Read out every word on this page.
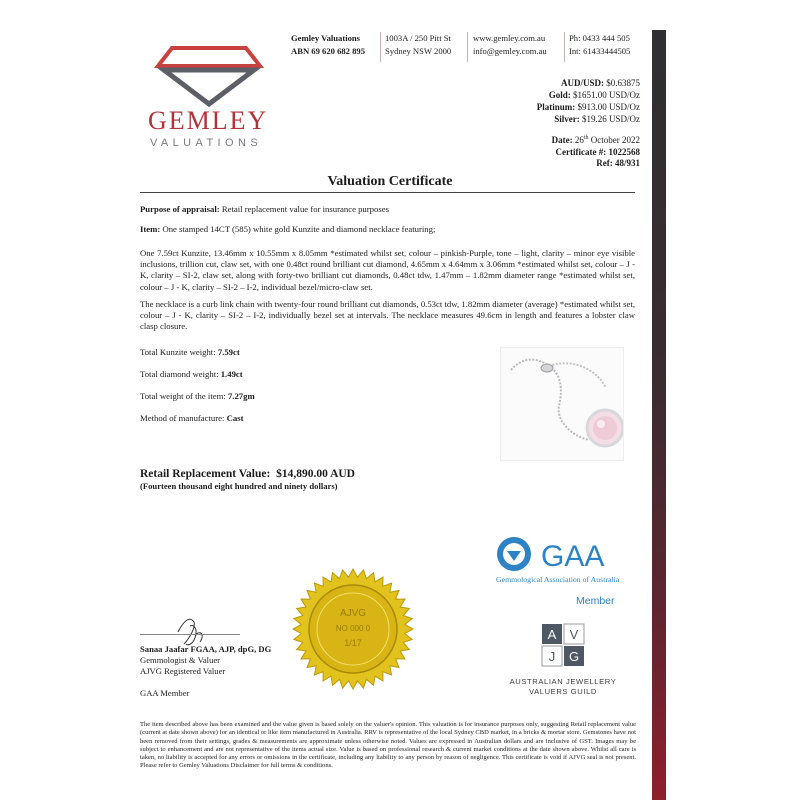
GEMLEY
VALUATIONS
Gemley Valuations
ABN 69 620 682 895
1003A / 250 Pitt St
Sydney NSW 2000
www.gemley.com.au
info@gemley.com.au
Ph: 0433 444 505
Int: 61433444505
AUD/USD: $0.63875
Gold: $1651.00 USD/Oz
Platinum: $913.00 USD/Oz
Silver: $19.26 USD/Oz
Date: 26th October 2022
Certificate #: 1022568
Ref: 48/931
Valuation Certificate
Purpose of appraisal: Retail replacement value for insurance purposes
Item: One stamped 14CT (585) white gold Kunzite and diamond necklace featuring;
One 7.59ct Kunzite, 13.46mm x 10.55mm x 8.05mm *estimated whilst set, colour – pinkish-Purple, tone – light, clarity – minor eye visible inclusions, trillion cut, claw set, with one 0.48ct round brilliant cut diamond, 4.65mm x 4.64mm x 3.06mm *estimated whilst set, colour – J - K, clarity – SI-2, claw set, along with forty-two brilliant cut diamonds, 0.48ct tdw, 1.47mm – 1.82mm diameter range *estimated whilst set, colour – J - K, clarity – SI-2 – I-2, individual bezel/micro-claw set.
The necklace is a curb link chain with twenty-four round brilliant cut diamonds, 0.53ct tdw, 1.82mm diameter (average) *estimated whilst set, colour – J - K, clarity – SI-2 – I-2, individually bezel set at intervals. The necklace measures 49.6cm in length and features a lobster claw clasp closure.
Total Kunzite weight: 7.59ct
Total diamond weight: 1.49ct
Total weight of the item: 7.27gm
Method of manufacture: Cast
Retail Replacement Value: $14,890.00 AUD
(Fourteen thousand eight hundred and ninety dollars)
GAA
Gemmological Association of Australia
Member
AJVG
NO 000 0
1/17
A V
J G
AUSTRALIAN JEWELLERY
VALUERS GUILD
Sanaa Jaafar FGAA, AJP, dpG, DG
Gemmologist & Valuer
AJVG Registered Valuer
GAA Member
The item described above has been examined and the value given is based solely on the valuer's opinion. This valuation is for insurance purposes only, suggesting Retail replacement value (current at date shown above) for an identical or like item manufactured in Australia. RRV is representative of the local Sydney CBD market, in a bricks & mortar store. Gemstones have not been removed from their settings, grades & measurements are approximate unless otherwise noted. Values are expressed in Australian dollars and are inclusive of GST. Images may be subject to enhancement and are not representative of the items actual size. Value is based on professional research & current market conditions at the date shown above. Whilst all care is taken, no liability is accepted for any errors or omissions in the certificate, including any liability to any person by reason of negligence. This certificate is void if AJVG seal is not present. Please refer to Gemley Valuations Disclaimer for full terms & conditions.
